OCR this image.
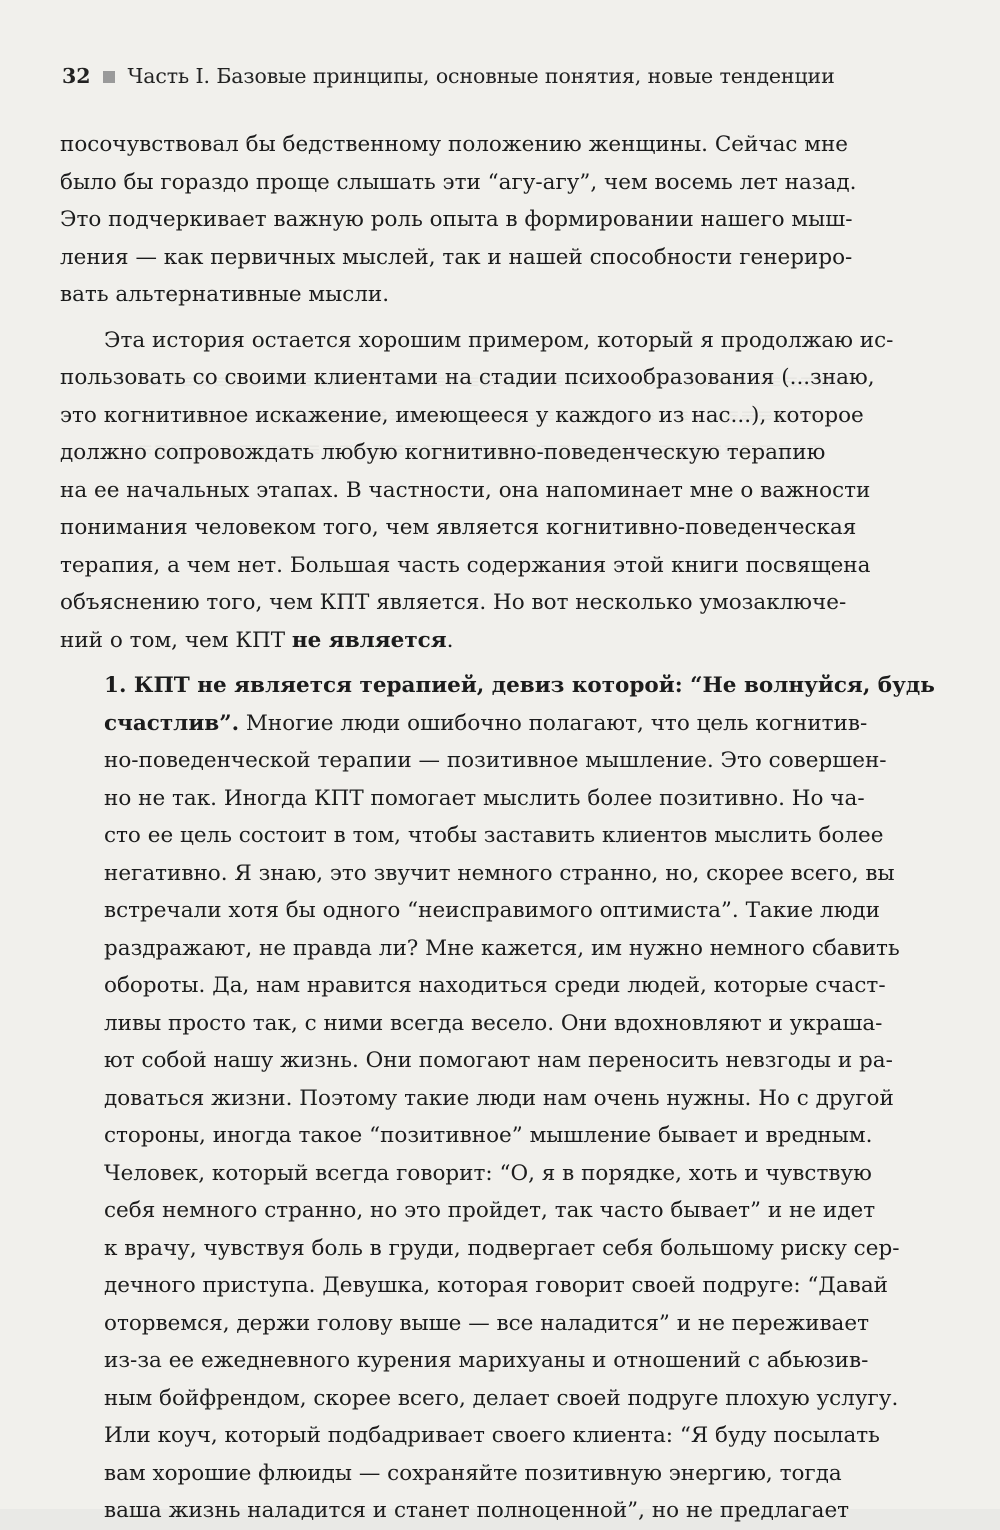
32 Часть I. Базовые принципы, основные понятия, новые тенденции

посочувствовал бы бедственному положению женщины. Сейчас мне
было бы гораздо проще слышать эти “агу-агу”, чем восемь лет назад.
Это подчеркивает важную роль опыта в формировании нашего мыш-
ления — как первичных мыслей, так и нашей способности генериро-
вать альтернативные мысли.

Эта история остается хорошим примером, который я продолжаю ис-
пользовать со своими клиентами на стадии психообразования (...знаю,
это когнитивное искажение, имеющееся у каждого из нас...), которое
должно сопровождать любую когнитивно-поведенческую терапию
на ее начальных этапах. В частности, она напоминает мне о важности
понимания человеком того, чем является когнитивно-поведенческая
терапия, а чем нет. Большая часть содержания этой книги посвящена
объяснению того, чем КПТ является. Но вот несколько умозаключе-
ний о том, чем КПТ не является.

1. КПТ не является терапией, девиз которой: “Не волнуйся, будь
счастлив”. Многие люди ошибочно полагают, что цель когнитив-
но-поведенческой терапии — позитивное мышление. Это совершен-
но не так. Иногда КПТ помогает мыслить более позитивно. Но ча-
сто ее цель состоит в том, чтобы заставить клиентов мыслить более
негативно. Я знаю, это звучит немного странно, но, скорее всего, вы
встречали хотя бы одного “неисправимого оптимиста”. Такие люди
раздражают, не правда ли? Мне кажется, им нужно немного сбавить
обороты. Да, нам нравится находиться среди людей, которые счаст-
ливы просто так, с ними всегда весело. Они вдохновляют и украша-
ют собой нашу жизнь. Они помогают нам переносить невзгоды и ра-
доваться жизни. Поэтому такие люди нам очень нужны. Но с другой
стороны, иногда такое “позитивное” мышление бывает и вредным.
Человек, который всегда говорит: “О, я в порядке, хоть и чувствую
себя немного странно, но это пройдет, так часто бывает” и не идет
к врачу, чувствуя боль в груди, подвергает себя большому риску сер-
дечного приступа. Девушка, которая говорит своей подруге: “Давай
оторвемся, держи голову выше — все наладится” и не переживает
из-за ее ежедневного курения марихуаны и отношений с абьюзив-
ным бойфрендом, скорее всего, делает своей подруге плохую услугу.
Или коуч, который подбадривает своего клиента: “Я буду посылать
вам хорошие флюиды — сохраняйте позитивную энергию, тогда
ваша жизнь наладится и станет полноценной”, но не предлагает
